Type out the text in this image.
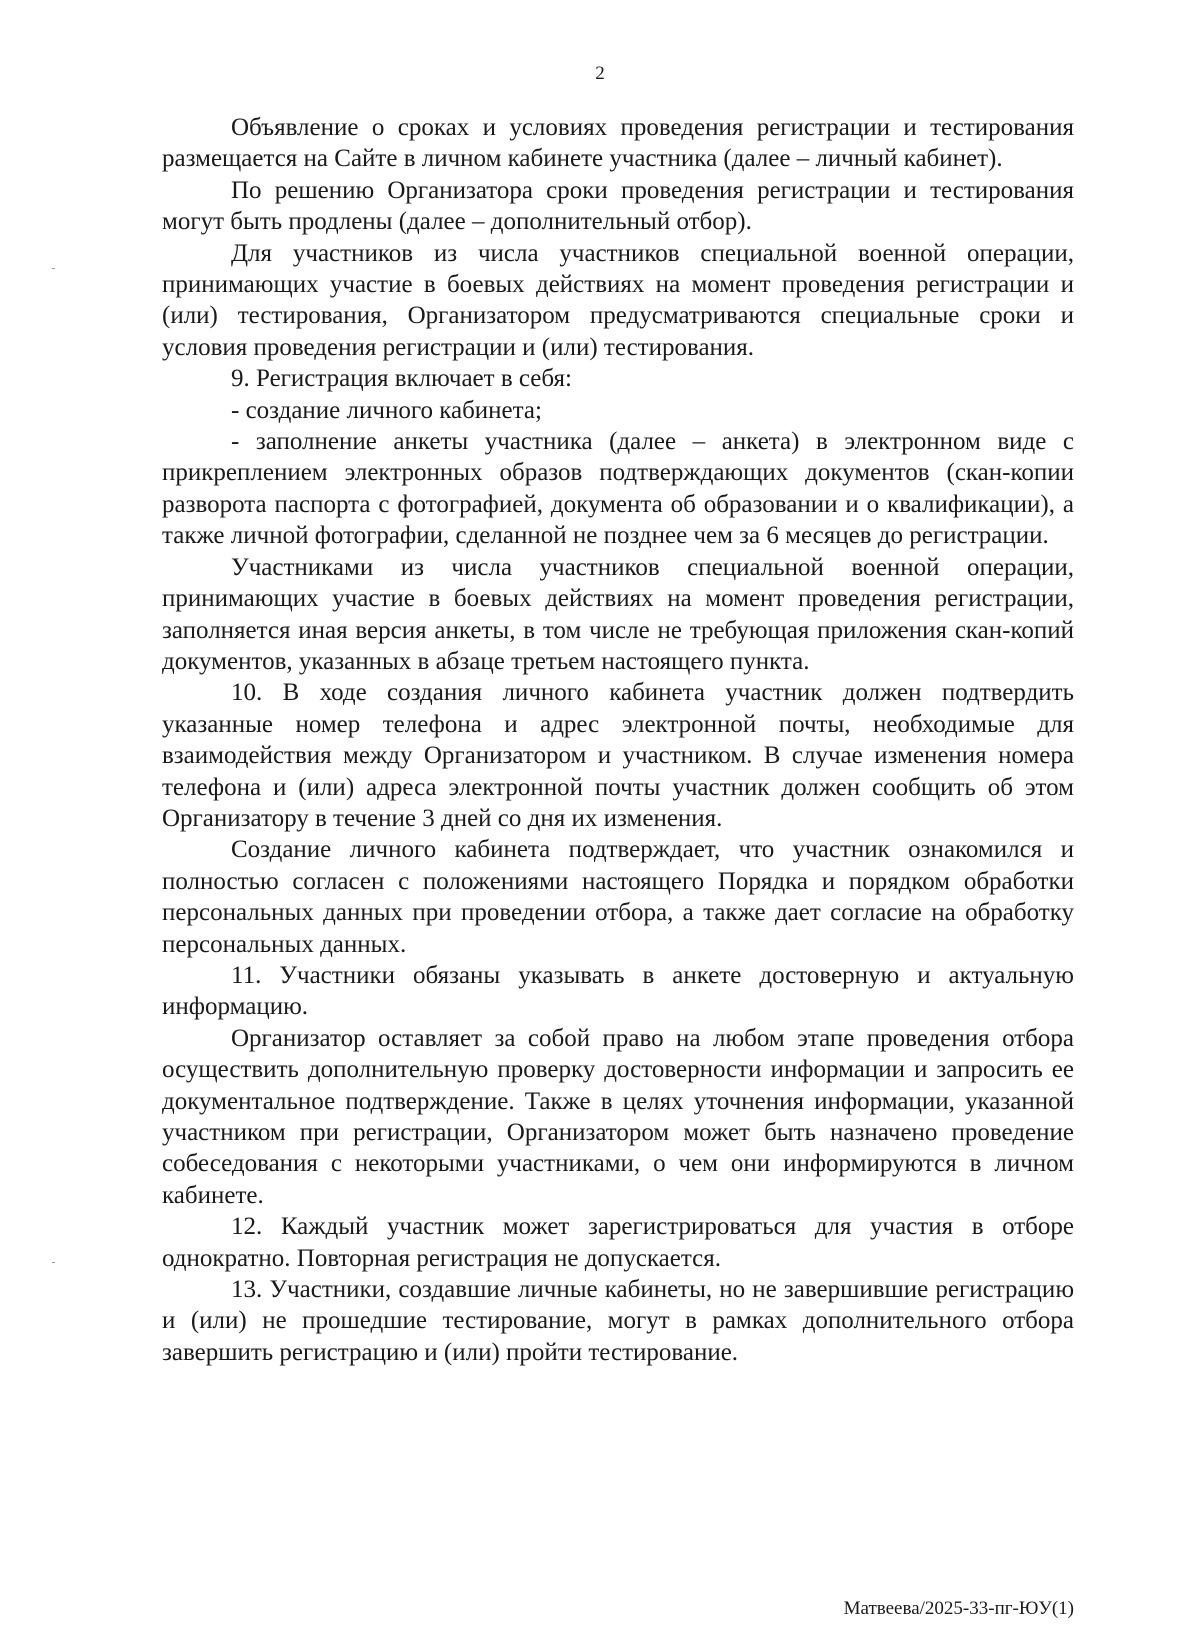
2

Объявление о сроках и условиях проведения регистрации и тестирования размещается на Сайте в личном кабинете участника (далее – личный кабинет).

По решению Организатора сроки проведения регистрации и тестирования могут быть продлены (далее – дополнительный отбор).

Для участников из числа участников специальной военной операции, принимающих участие в боевых действиях на момент проведения регистрации и (или) тестирования, Организатором предусматриваются специальные сроки и условия проведения регистрации и (или) тестирования.

9. Регистрация включает в себя:

- создание личного кабинета;

- заполнение анкеты участника (далее – анкета) в электронном виде с прикреплением электронных образов подтверждающих документов (скан-копии разворота паспорта с фотографией, документа об образовании и о квалификации), а также личной фотографии, сделанной не позднее чем за 6 месяцев до регистрации.

Участниками из числа участников специальной военной операции, принимающих участие в боевых действиях на момент проведения регистрации, заполняется иная версия анкеты, в том числе не требующая приложения скан-копий документов, указанных в абзаце третьем настоящего пункта.

10. В ходе создания личного кабинета участник должен подтвердить указанные номер телефона и адрес электронной почты, необходимые для взаимодействия между Организатором и участником. В случае изменения номера телефона и (или) адреса электронной почты участник должен сообщить об этом Организатору в течение 3 дней со дня их изменения.

Создание личного кабинета подтверждает, что участник ознакомился и полностью согласен с положениями настоящего Порядка и порядком обработки персональных данных при проведении отбора, а также дает согласие на обработку персональных данных.

11. Участники обязаны указывать в анкете достоверную и актуальную информацию.

Организатор оставляет за собой право на любом этапе проведения отбора осуществить дополнительную проверку достоверности информации и запросить ее документальное подтверждение. Также в целях уточнения информации, указанной участником при регистрации, Организатором может быть назначено проведение собеседования с некоторыми участниками, о чем они информируются в личном кабинете.

12. Каждый участник может зарегистрироваться для участия в отборе однократно. Повторная регистрация не допускается.

13. Участники, создавшие личные кабинеты, но не завершившие регистрацию и (или) не прошедшие тестирование, могут в рамках дополнительного отбора завершить регистрацию и (или) пройти тестирование.

Матвеева/2025-33-пг-ЮУ(1)
